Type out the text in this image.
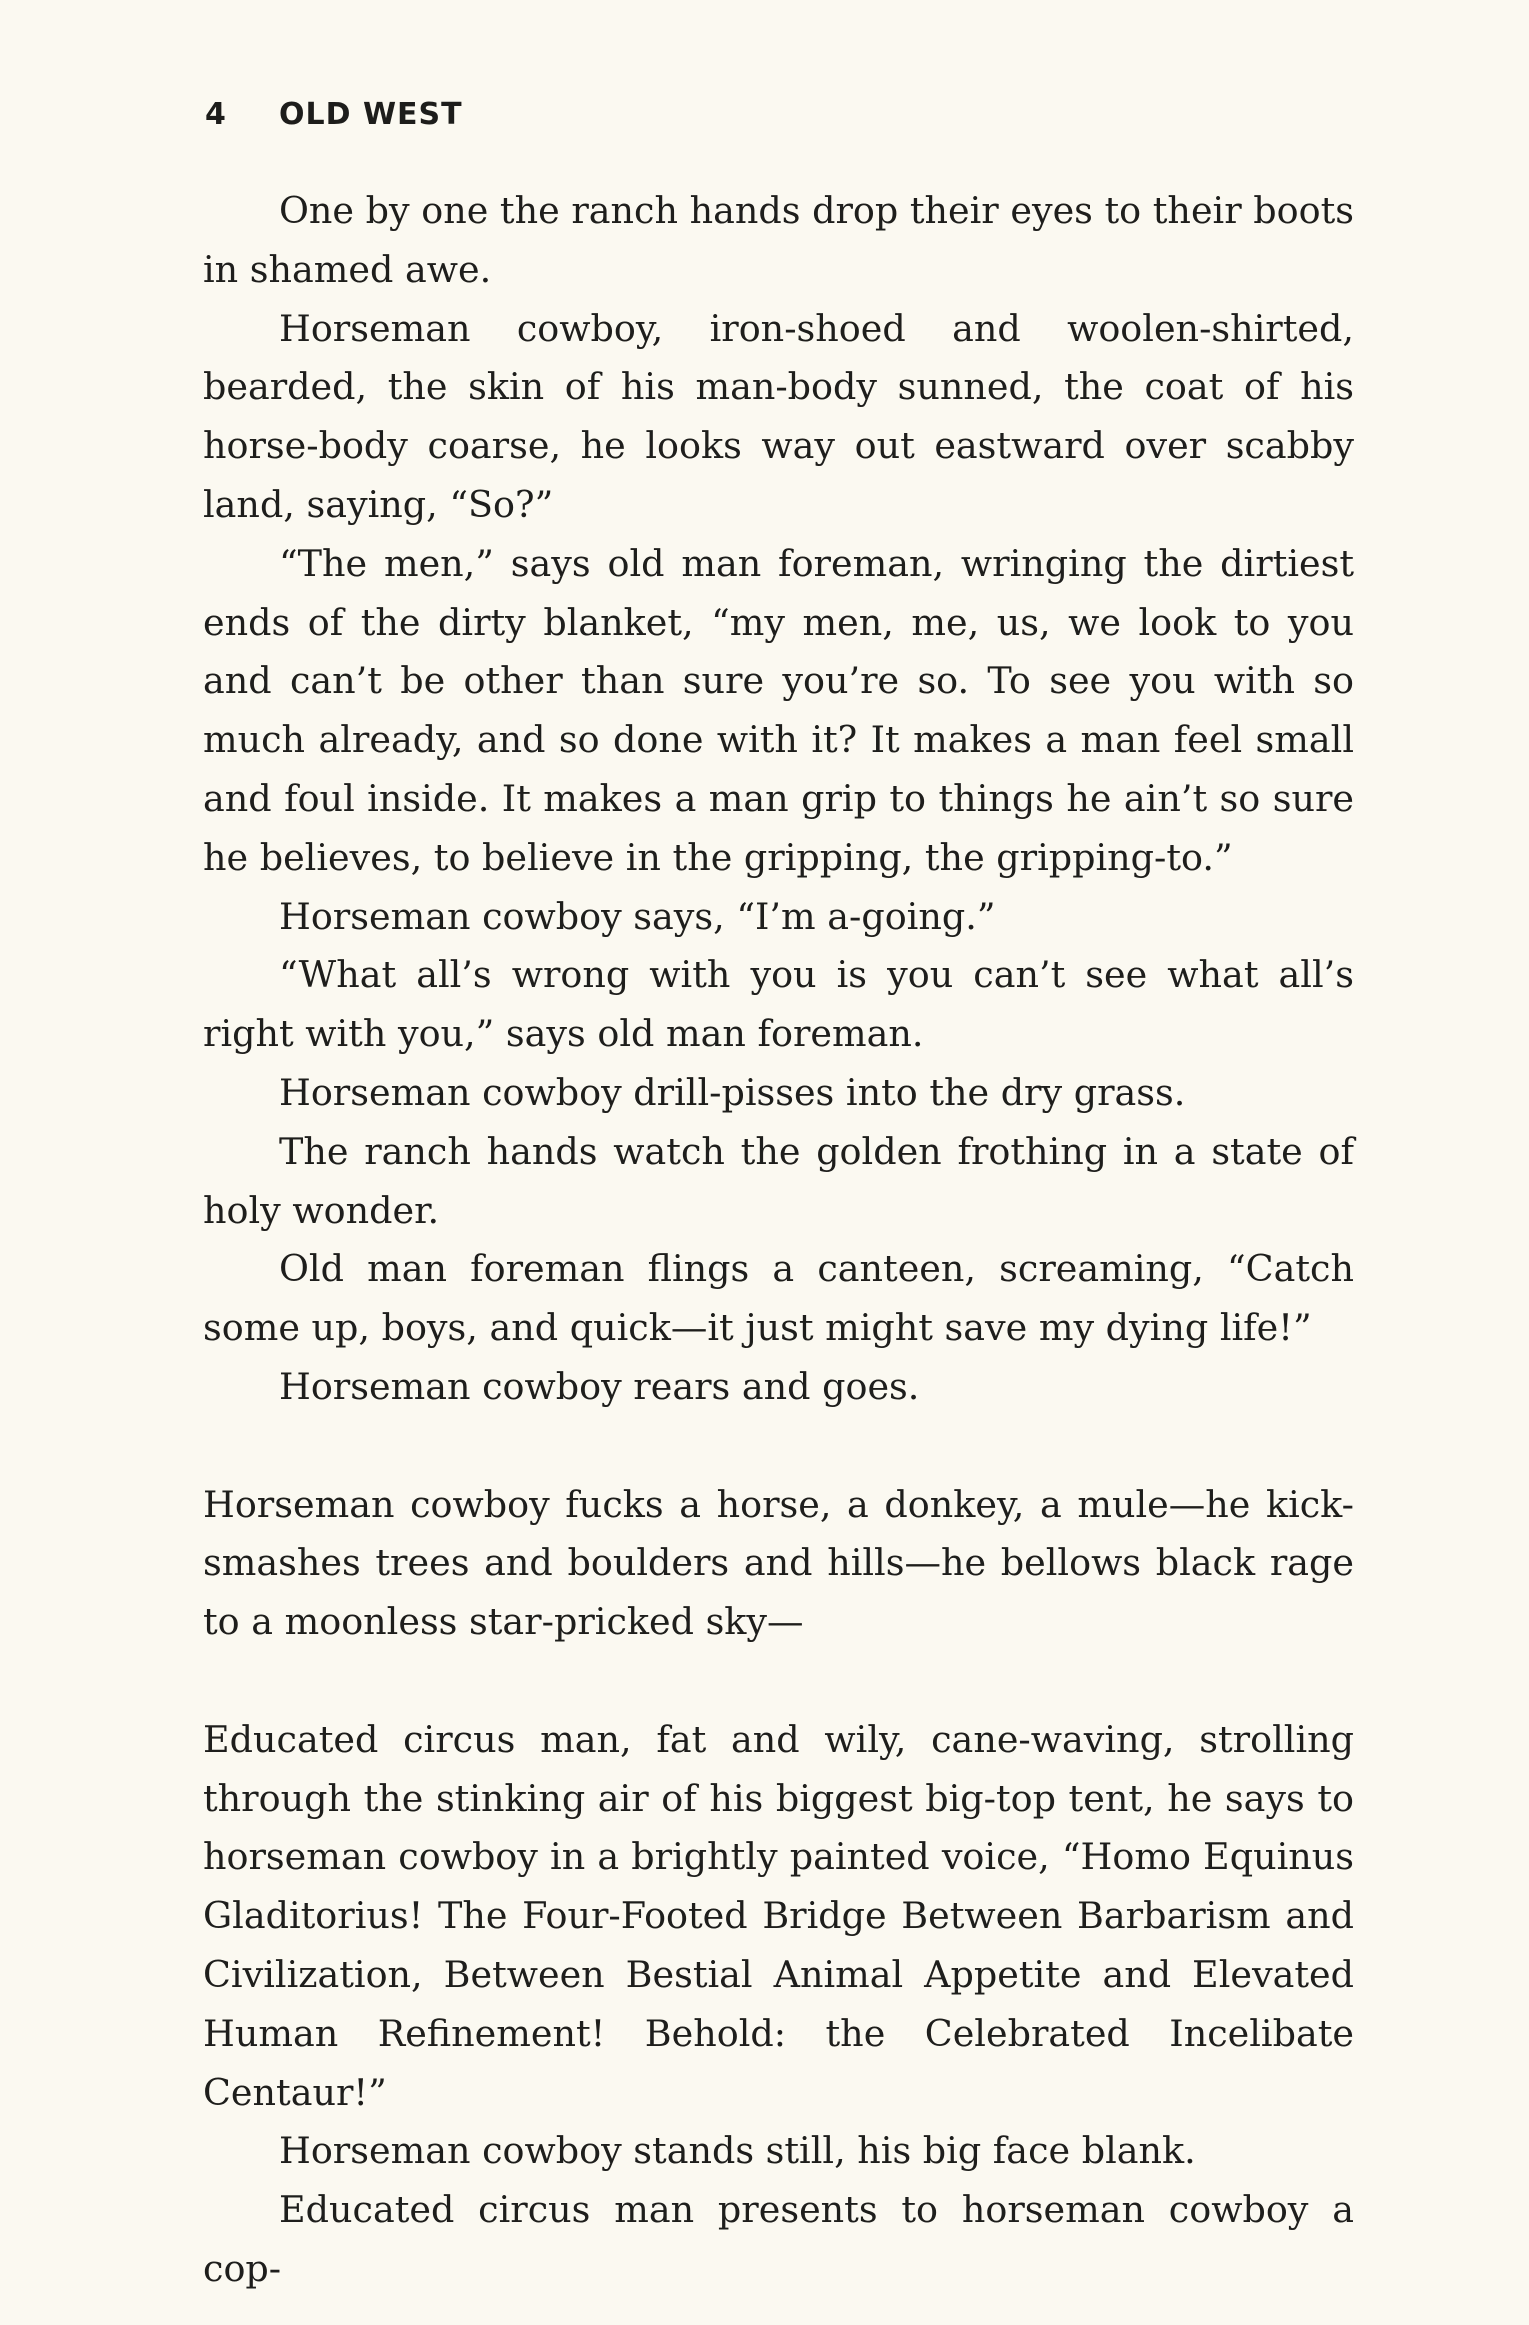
4 OLD WEST

One by one the ranch hands drop their eyes to their boots in shamed awe.

Horseman cowboy, iron-shoed and woolen-shirted, bearded, the skin of his man-body sunned, the coat of his horse-body coarse, he looks way out eastward over scabby land, saying, “So?”

“The men,” says old man foreman, wringing the dirtiest ends of the dirty blanket, “my men, me, us, we look to you and can’t be other than sure you’re so. To see you with so much already, and so done with it? It makes a man feel small and foul inside. It makes a man grip to things he ain’t so sure he believes, to believe in the gripping, the gripping-to.”

Horseman cowboy says, “I’m a-going.”

“What all’s wrong with you is you can’t see what all’s right with you,” says old man foreman.

Horseman cowboy drill-pisses into the dry grass.

The ranch hands watch the golden frothing in a state of holy wonder.

Old man foreman flings a canteen, screaming, “Catch some up, boys, and quick—it just might save my dying life!”

Horseman cowboy rears and goes.

Horseman cowboy fucks a horse, a donkey, a mule—he kick-smashes trees and boulders and hills—he bellows black rage to a moonless star-pricked sky—

Educated circus man, fat and wily, cane-waving, strolling through the stinking air of his biggest big-top tent, he says to horseman cowboy in a brightly painted voice, “Homo Equinus Gladitorius! The Four-Footed Bridge Between Barbarism and Civilization, Between Bestial Animal Appetite and Elevated Human Refinement! Behold: the Celebrated Incelibate Centaur!”

Horseman cowboy stands still, his big face blank.

Educated circus man presents to horseman cowboy a cop-
